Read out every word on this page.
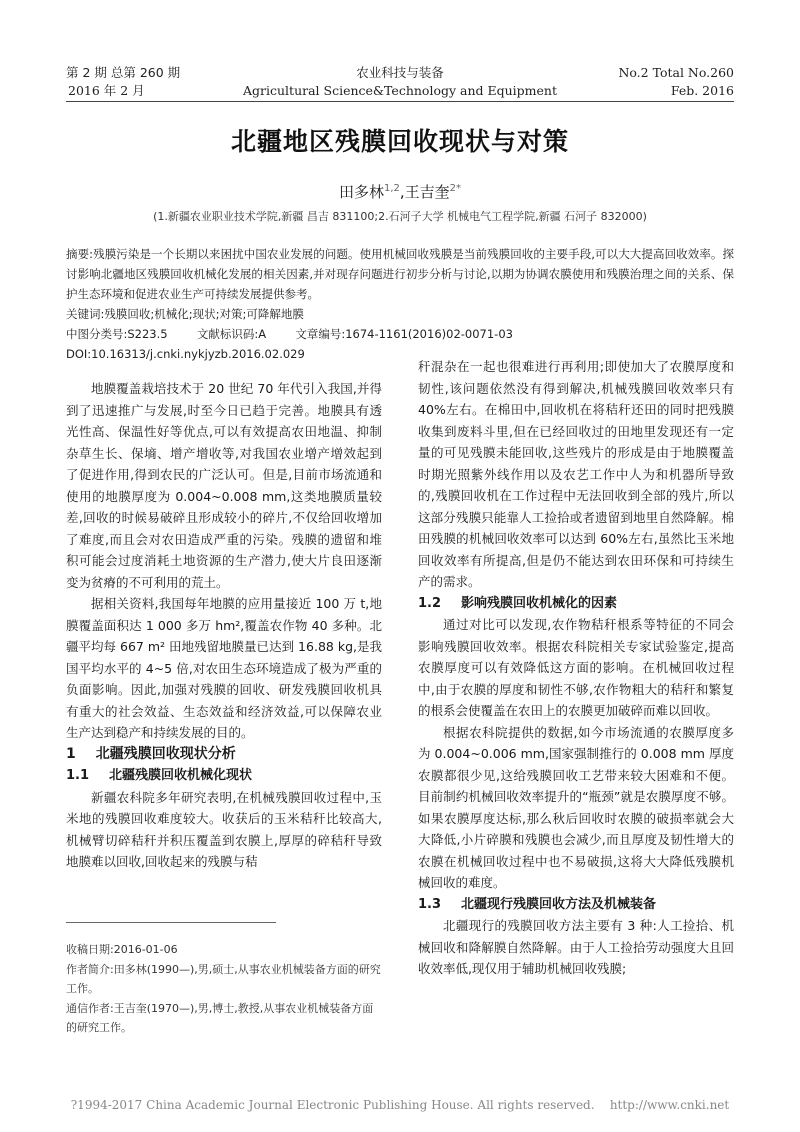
第 2 期 总第 260 期
2016 年 2 月
农业科技与装备
Agricultural Science&Technology and Equipment
No.2 Total No.260
Feb. 2016
北疆地区残膜回收现状与对策
田多林$^{1,2}$,王吉奎$^{2*}$
(1.新疆农业职业技术学院,新疆 昌吉 831100;2.石河子大学 机械电气工程学院,新疆 石河子 832000)

摘要:残膜污染是一个长期以来困扰中国农业发展的问题。使用机械回收残膜是当前残膜回收的主要手段,可以大大提高回收效率。探讨影响北疆地区残膜回收机械化发展的相关因素,并对现存问题进行初步分析与讨论,以期为协调农膜使用和残膜治理之间的关系、保护生态环境和促进农业生产可持续发展提供参考。

关键词:残膜回收;机械化;现状;对策;可降解地膜

中图分类号:S223.5        文献标识码:A        文章编号:1674-1161(2016)02-0071-03

DOI:10.16313/j.cnki.nykjyzb.2016.02.029

地膜覆盖栽培技术于 20 世纪 70 年代引入我国,并得到了迅速推广与发展,时至今日已趋于完善。地膜具有透光性高、保温性好等优点,可以有效提高农田地温、抑制杂草生长、保墒、增产增收等,对我国农业增产增效起到了促进作用,得到农民的广泛认可。但是,目前市场流通和使用的地膜厚度为 0.004~0.008 mm,这类地膜质量较差,回收的时候易破碎且形成较小的碎片,不仅给回收增加了难度,而且会对农田造成严重的污染。残膜的遗留和堆积可能会过度消耗土地资源的生产潜力,使大片良田逐渐变为贫瘠的不可利用的荒土。

据相关资料,我国每年地膜的应用量接近 100 万 t,地膜覆盖面积达 1 000 多万 hm²,覆盖农作物 40 多种。北疆平均每 667 m² 田地残留地膜量已达到 16.88 kg,是我国平均水平的 4~5 倍,对农田生态环境造成了极为严重的负面影响。因此,加强对残膜的回收、研发残膜回收机具有重大的社会效益、生态效益和经济效益,可以保障农业生产达到稳产和持续发展的目的。

1 北疆残膜回收现状分析

1.1 北疆残膜回收机械化现状

新疆农科院多年研究表明,在机械残膜回收过程中,玉米地的残膜回收难度较大。收获后的玉米秸秆比较高大,机械臂切碎秸秆并积压覆盖到农膜上,厚厚的碎秸秆导致地膜难以回收,回收起来的残膜与秸

收稿日期:2016-01-06

作者简介:田多林(1990—),男,硕士,从事农业机械装备方面的研究工作。

通信作者:王吉奎(1970—),男,博士,教授,从事农业机械装备方面的研究工作。

秆混杂在一起也很难进行再利用;即使加大了农膜厚度和韧性,该问题依然没有得到解决,机械残膜回收效率只有 40%左右。在棉田中,回收机在将秸秆还田的同时把残膜收集到废料斗里,但在已经回收过的田地里发现还有一定量的可见残膜未能回收,这些残片的形成是由于地膜覆盖时期光照紫外线作用以及农艺工作中人为和机器所导致的,残膜回收机在工作过程中无法回收到全部的残片,所以这部分残膜只能靠人工捡拾或者遗留到地里自然降解。棉田残膜的机械回收效率可以达到 60%左右,虽然比玉米地回收效率有所提高,但是仍不能达到农田环保和可持续生产的需求。

1.2 影响残膜回收机械化的因素

通过对比可以发现,农作物秸秆根系等特征的不同会影响残膜回收效率。根据农科院相关专家试验鉴定,提高农膜厚度可以有效降低这方面的影响。在机械回收过程中,由于农膜的厚度和韧性不够,农作物粗大的秸秆和繁复的根系会使覆盖在农田上的农膜更加破碎而难以回收。

根据农科院提供的数据,如今市场流通的农膜厚度多为 0.004~0.006 mm,国家强制推行的 0.008 mm 厚度农膜都很少见,这给残膜回收工艺带来较大困难和不便。目前制约机械回收效率提升的“瓶颈”就是农膜厚度不够。如果农膜厚度达标,那么秋后回收时农膜的破损率就会大大降低,小片碎膜和残膜也会减少,而且厚度及韧性增大的农膜在机械回收过程中也不易破损,这将大大降低残膜机械回收的难度。

1.3 北疆现行残膜回收方法及机械装备

北疆现行的残膜回收方法主要有 3 种:人工捡拾、机械回收和降解膜自然降解。由于人工捡拾劳动强度大且回收效率低,现仅用于辅助机械回收残膜;

?1994-2017 China Academic Journal Electronic Publishing House. All rights reserved.    http://www.cnki.net
